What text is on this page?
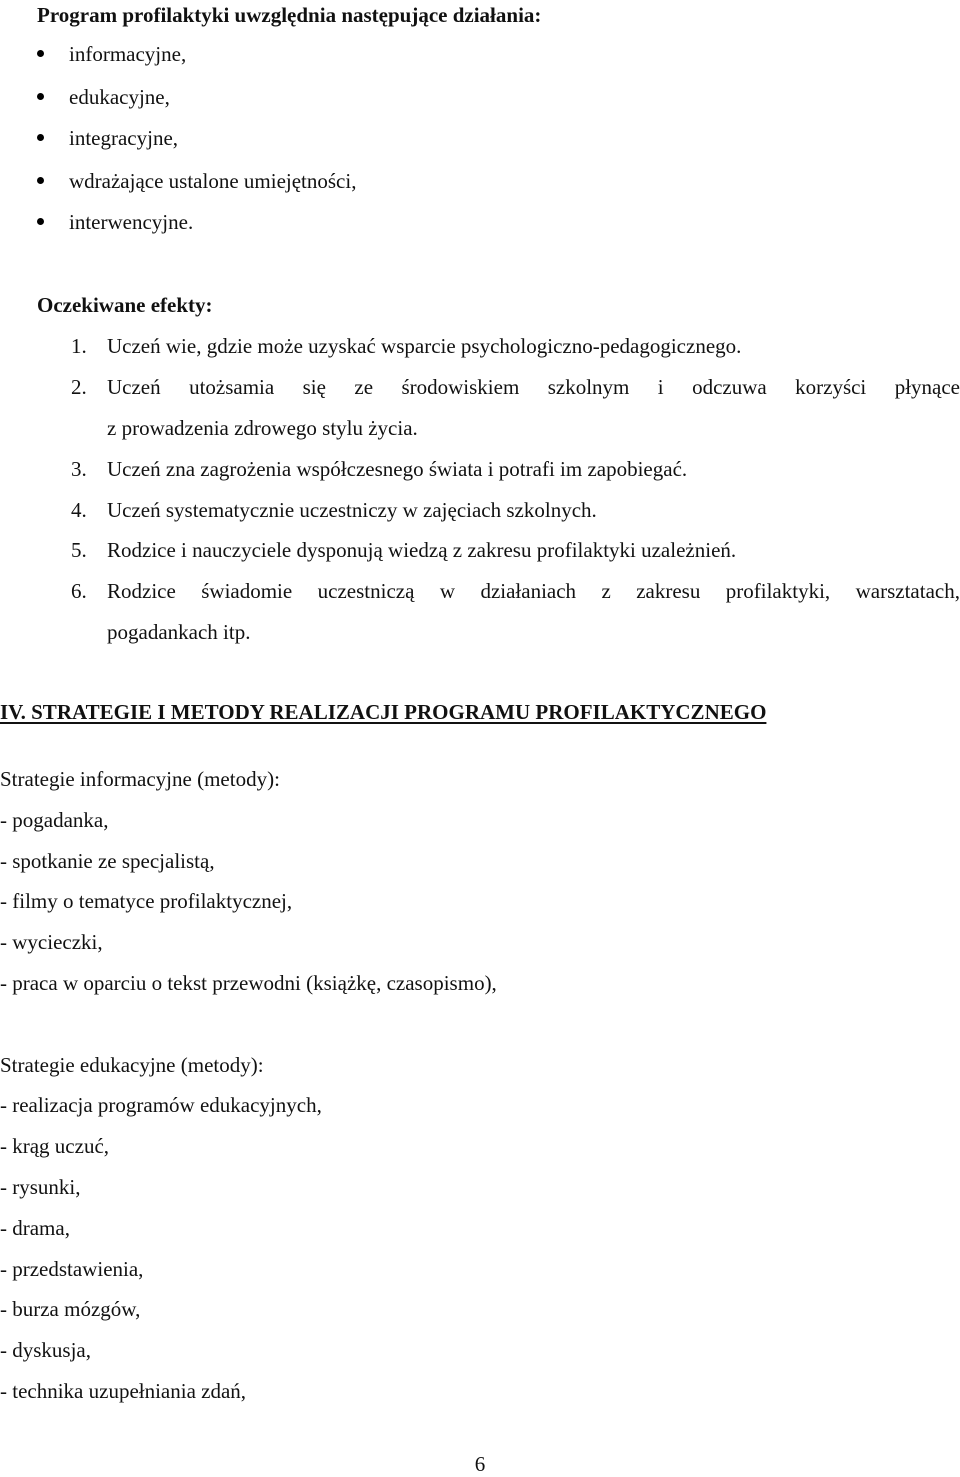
Program profilaktyki uwzględnia następujące działania:
informacyjne,
edukacyjne,
integracyjne,
wdrażające ustalone umiejętności,
interwencyjne.
Oczekiwane efekty:
1. Uczeń wie, gdzie może uzyskać wsparcie psychologiczno-pedagogicznego.
2. Uczeń utożsamia się ze środowiskiem szkolnym i odczuwa korzyści płynące
z prowadzenia zdrowego stylu życia.
3. Uczeń zna zagrożenia współczesnego świata i potrafi im zapobiegać.
4. Uczeń systematycznie uczestniczy w zajęciach szkolnych.
5. Rodzice i nauczyciele dysponują wiedzą z zakresu profilaktyki uzależnień.
6. Rodzice świadomie uczestniczą w działaniach z zakresu profilaktyki, warsztatach,
pogadankach itp.
IV. STRATEGIE I METODY REALIZACJI PROGRAMU PROFILAKTYCZNEGO
Strategie informacyjne (metody):
- pogadanka,
- spotkanie ze specjalistą,
- filmy o tematyce profilaktycznej,
- wycieczki,
- praca w oparciu o tekst przewodni (książkę, czasopismo),
Strategie edukacyjne (metody):
- realizacja programów edukacyjnych,
- krąg uczuć,
- rysunki,
- drama,
- przedstawienia,
- burza mózgów,
- dyskusja,
- technika uzupełniania zdań,
6
